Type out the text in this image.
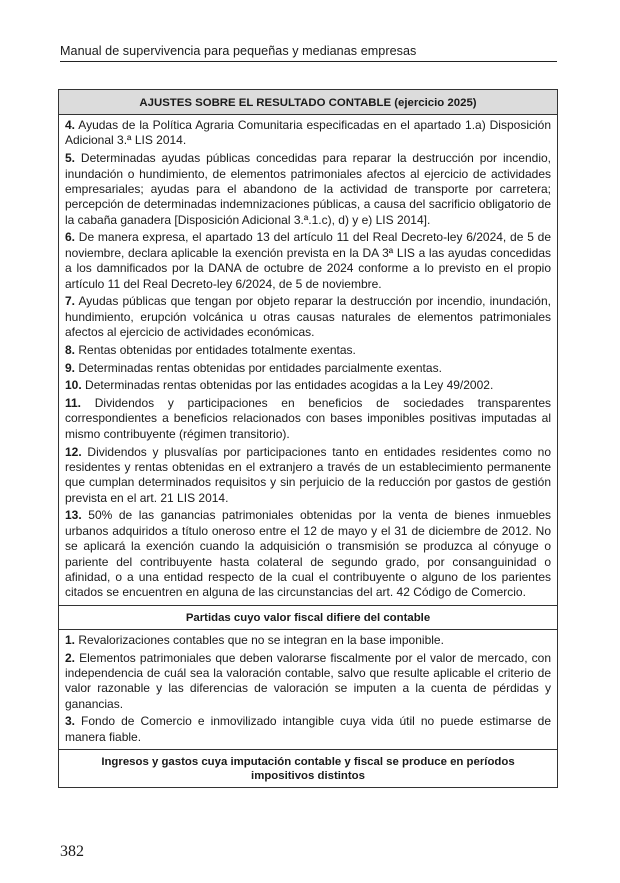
Manual de supervivencia para pequeñas y medianas empresas
AJUSTES SOBRE EL RESULTADO CONTABLE (ejercicio 2025)

4. Ayudas de la Política Agraria Comunitaria especificadas en el apartado 1.a) Disposición Adicional 3.ª LIS 2014.

5. Determinadas ayudas públicas concedidas para reparar la destrucción por incendio, inundación o hundimiento, de elementos patrimoniales afectos al ejercicio de actividades empresariales; ayudas para el abandono de la actividad de transporte por carretera; percepción de determinadas indemnizaciones públicas, a causa del sacrificio obligatorio de la cabaña ganadera [Disposición Adicional 3.ª.1.c), d) y e) LIS 2014].

6. De manera expresa, el apartado 13 del artículo 11 del Real Decreto-ley 6/2024, de 5 de noviembre, declara aplicable la exención prevista en la DA 3ª LIS a las ayudas concedidas a los damnificados por la DANA de octubre de 2024 conforme a lo previsto en el propio artículo 11 del Real Decreto-ley 6/2024, de 5 de noviembre.

7. Ayudas públicas que tengan por objeto reparar la destrucción por incendio, inundación, hundimiento, erupción volcánica u otras causas naturales de elementos patrimoniales afectos al ejercicio de actividades económicas.

8. Rentas obtenidas por entidades totalmente exentas.

9. Determinadas rentas obtenidas por entidades parcialmente exentas.

10. Determinadas rentas obtenidas por las entidades acogidas a la Ley 49/2002.

11. Dividendos y participaciones en beneficios de sociedades transparentes correspondientes a beneficios relacionados con bases imponibles positivas imputadas al mismo contribuyente (régimen transitorio).

12. Dividendos y plusvalías por participaciones tanto en entidades residentes como no residentes y rentas obtenidas en el extranjero a través de un establecimiento permanente que cumplan determinados requisitos y sin perjuicio de la reducción por gastos de gestión prevista en el art. 21 LIS 2014.

13. 50% de las ganancias patrimoniales obtenidas por la venta de bienes inmuebles urbanos adquiridos a título oneroso entre el 12 de mayo y el 31 de diciembre de 2012. No se aplicará la exención cuando la adquisición o transmisión se produzca al cónyuge o pariente del contribuyente hasta colateral de segundo grado, por consanguinidad o afinidad, o a una entidad respecto de la cual el contribuyente o alguno de los parientes citados se encuentren en alguna de las circunstancias del art. 42 Código de Comercio.

Partidas cuyo valor fiscal difiere del contable

1. Revalorizaciones contables que no se integran en la base imponible.

2. Elementos patrimoniales que deben valorarse fiscalmente por el valor de mercado, con independencia de cuál sea la valoración contable, salvo que resulte aplicable el criterio de valor razonable y las diferencias de valoración se imputen a la cuenta de pérdidas y ganancias.

3. Fondo de Comercio e inmovilizado intangible cuya vida útil no puede estimarse de manera fiable.

Ingresos y gastos cuya imputación contable y fiscal se produce en períodos impositivos distintos
382
